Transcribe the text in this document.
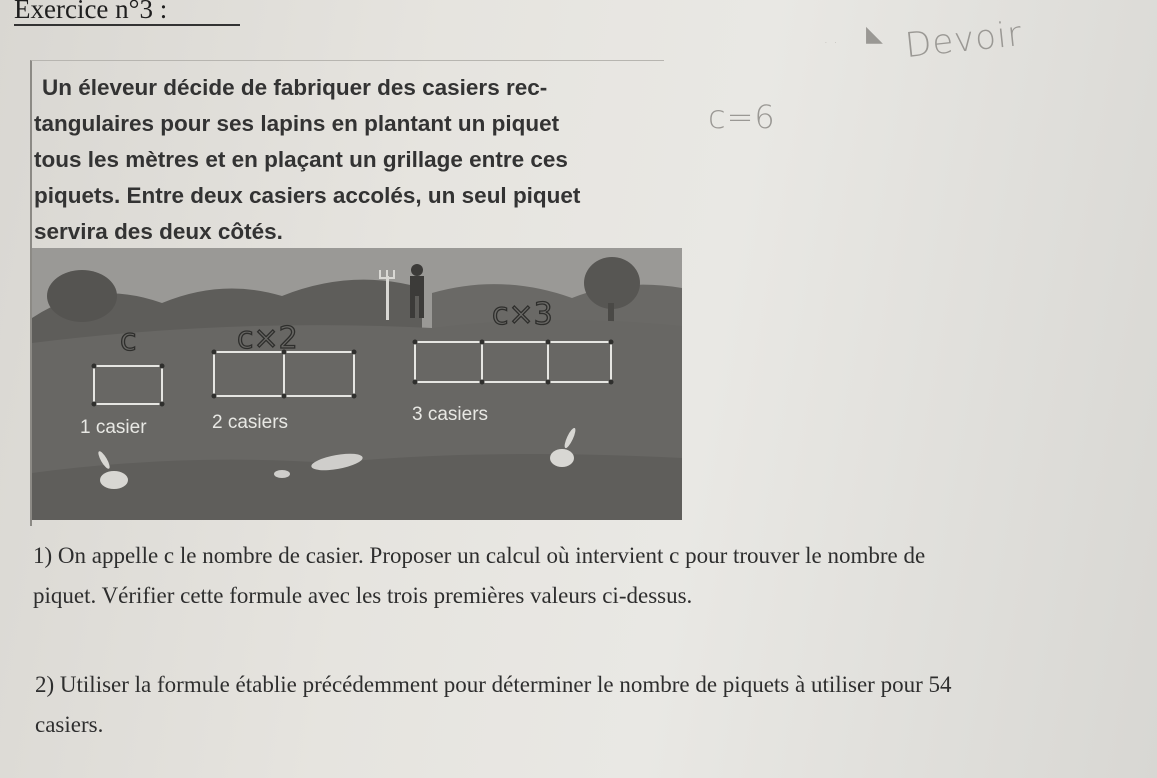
Exercice n°3 :
◣
· · Devoir
c=6
Un éleveur décide de fabriquer des casiers rec-
tangulaires pour ses lapins en plantant un piquet
tous les mètres et en plaçant un grillage entre ces
piquets. Entre deux casiers accolés, un seul piquet
servira des deux côtés.
1 casier	2 casiers	3 casiers
c	c×2
c×3
1) On appelle c le nombre de casier. Proposer un calcul où intervient c pour trouver le nombre de
piquet. Vérifier cette formule avec les trois premières valeurs ci-dessus.
2) Utiliser la formule établie précédemment pour déterminer le nombre de piquets à utiliser pour 54
casiers.
